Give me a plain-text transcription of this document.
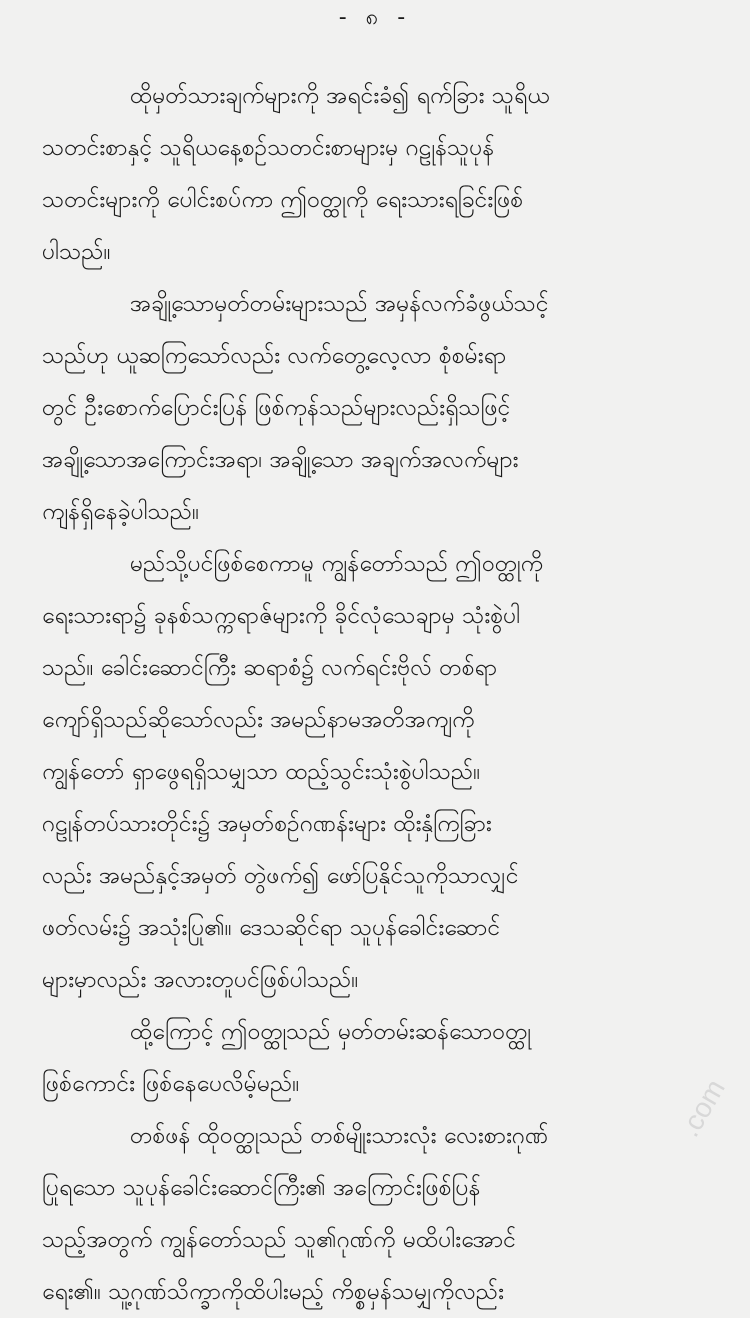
- ၈ -
ထိုမှတ်သားချက်များကို အရင်းခံ၍ ရက်ခြား သူရိယ
သတင်းစာနှင့် သူရိယနေ့စဉ်သတင်းစာများမှ ဂဠုန်သူပုန်
သတင်းများကို ပေါင်းစပ်ကာ ဤဝတ္ထုကို ရေးသားရခြင်းဖြစ်
ပါသည်။
အချို့သောမှတ်တမ်းများသည် အမှန်လက်ခံဖွယ်သင့်
သည်ဟု ယူဆကြသော်လည်း လက်တွေ့လေ့လာ စုံစမ်းရာ
တွင် ဦးစောက်ပြောင်းပြန် ဖြစ်ကုန်သည်များလည်းရှိသဖြင့်
အချို့သောအကြောင်းအရာ၊ အချို့သော အချက်အလက်များ
ကျန်ရှိနေခဲ့ပါသည်။
မည်သို့ပင်ဖြစ်စေကာမူ ကျွန်တော်သည် ဤဝတ္ထုကို
ရေးသားရာ၌ ခုနစ်သက္ကရာဇ်များကို ခိုင်လုံသေချာမှ သုံးစွဲပါ
သည်။ ခေါင်းဆောင်ကြီး ဆရာစံ၌ လက်ရင်းဗိုလ် တစ်ရာ
ကျော်ရှိသည်ဆိုသော်လည်း အမည်နာမအတိအကျကို
ကျွန်တော် ရှာဖွေရရှိသမျှသာ ထည့်သွင်းသုံးစွဲပါသည်။
ဂဠုန်တပ်သားတိုင်း၌ အမှတ်စဉ်ဂဏန်းများ ထိုးနှံကြခြား
လည်း အမည်နှင့်အမှတ် တွဲဖက်၍ ဖော်ပြနိုင်သူကိုသာလျှင်
ဖတ်လမ်း၌ အသုံးပြု၏။ ဒေသဆိုင်ရာ သူပုန်ခေါင်းဆောင်
များမှာလည်း အလားတူပင်ဖြစ်ပါသည်။
ထို့ကြောင့် ဤဝတ္ထုသည် မှတ်တမ်းဆန်သောဝတ္ထု
ဖြစ်ကောင်း ဖြစ်နေပေလိမ့်မည်။
တစ်ဖန် ထိုဝတ္ထုသည် တစ်မျိုးသားလုံး လေးစားဂုဏ်
ပြုရသော သူပုန်ခေါင်းဆောင်ကြီး၏ အကြောင်းဖြစ်ပြန်
သည့်အတွက် ကျွန်တော်သည် သူ၏ဂုဏ်ကို မထိပါးအောင်
ရေး၏။ သူ့ဂုဏ်သိက္ခာကိုထိပါးမည့် ကိစ္စမှန်သမျှကိုလည်း
.com
